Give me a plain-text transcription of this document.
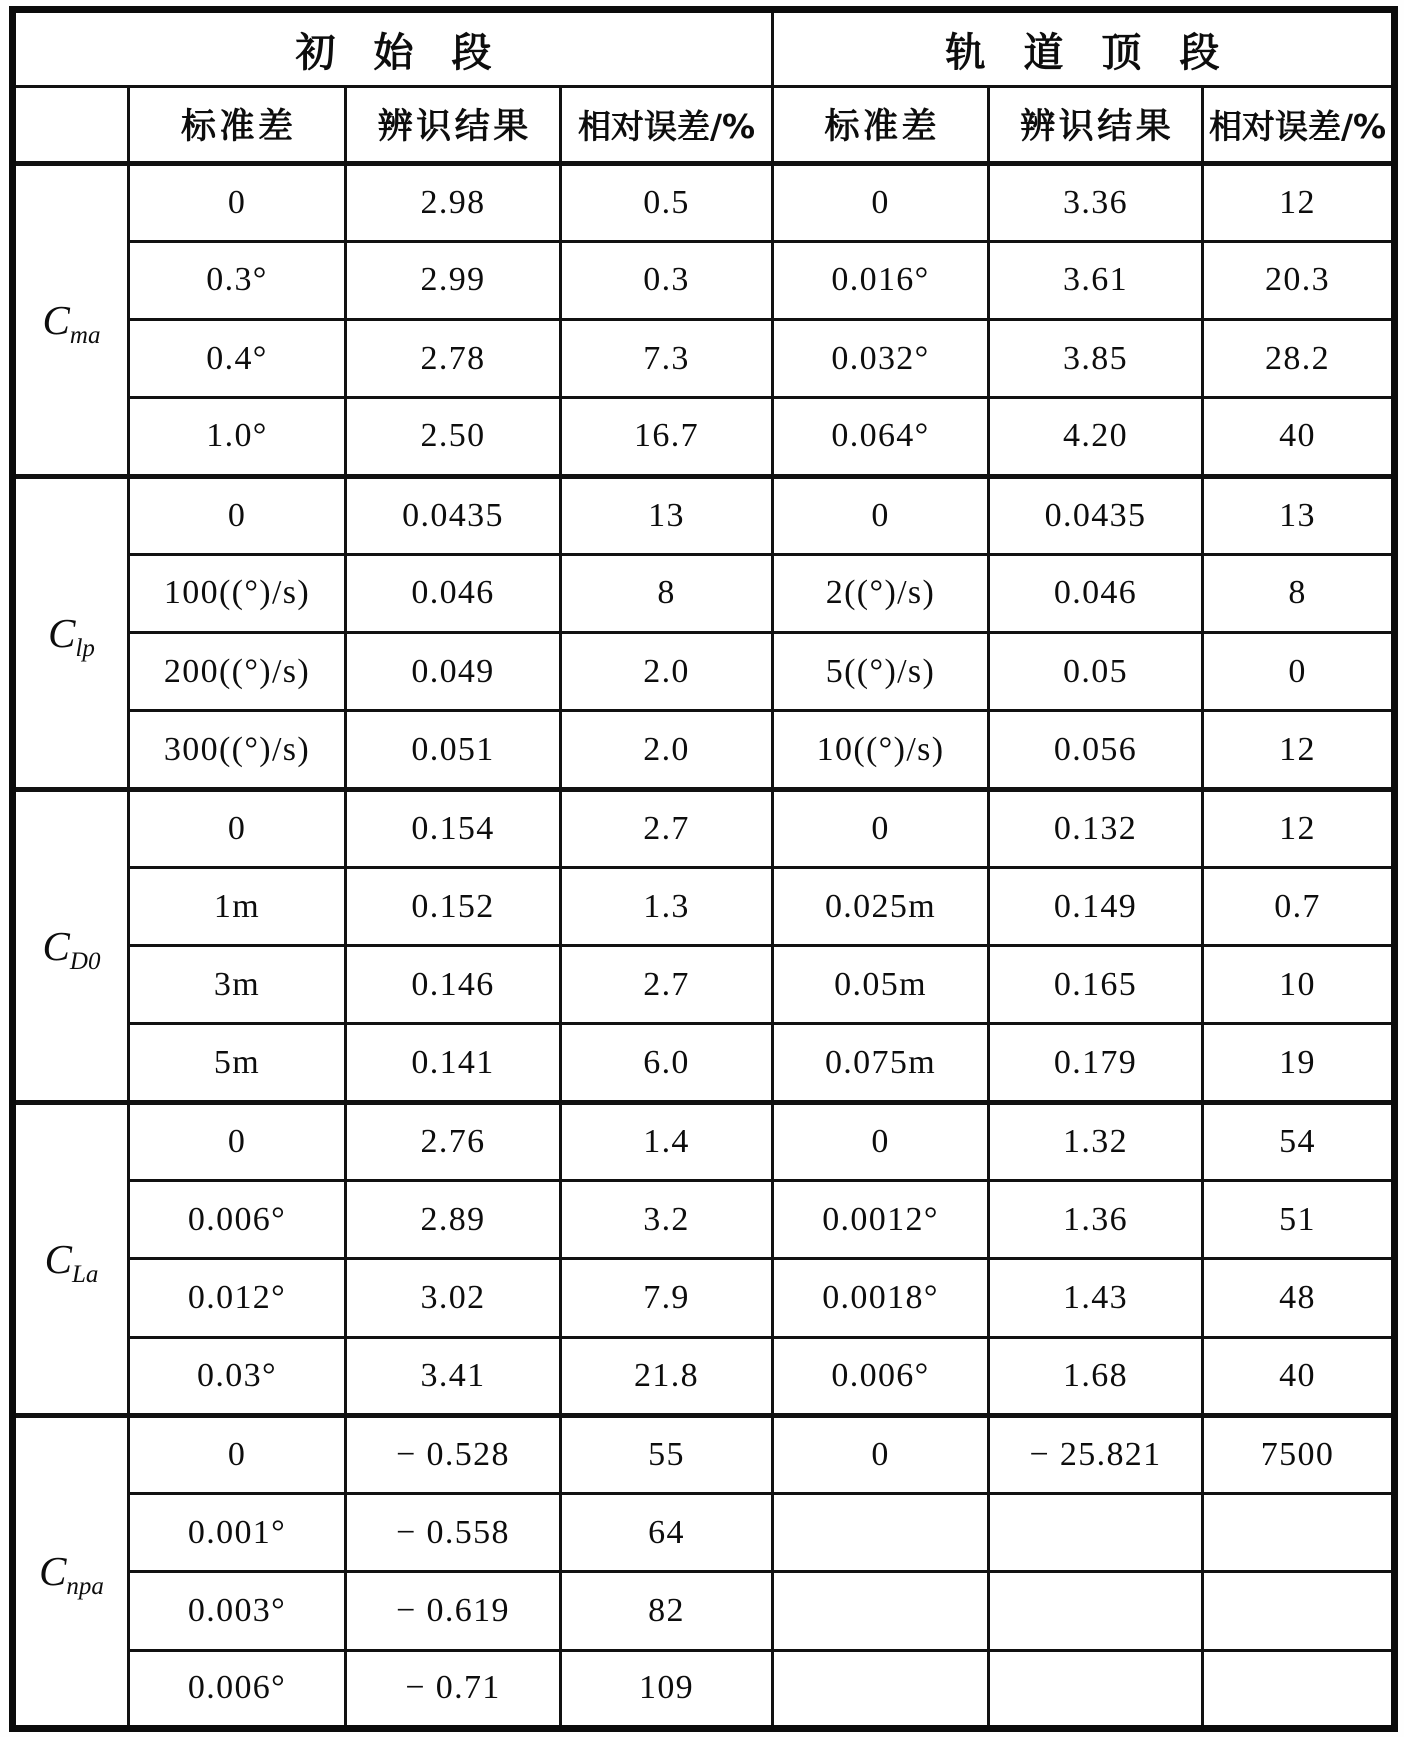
初始段				轨道顶段		
	标准差	辨识结果	相对误差/%	标准差	辨识结果	相对误差/%
$C_{ma}$	0	2.98	0.5	0	3.36	12
	0.3°	2.99	0.3	0.016°	3.61	20.3
	0.4°	2.78	7.3	0.032°	3.85	28.2
	1.0°	2.50	16.7	0.064°	4.20	40
$C_{lp}$	0	0.0435	13	0	0.0435	13
	100((°)/s)	0.046	8	2((°)/s)	0.046	8
	200((°)/s)	0.049	2.0	5((°)/s)	0.05	0
	300((°)/s)	0.051	2.0	10((°)/s)	0.056	12
$C_{D0}$	0	0.154	2.7	0	0.132	12
	1m	0.152	1.3	0.025m	0.149	0.7
	3m	0.146	2.7	0.05m	0.165	10
	5m	0.141	6.0	0.075m	0.179	19
$C_{La}$	0	2.76	1.4	0	1.32	54
	0.006°	2.89	3.2	0.0012°	1.36	51
	0.012°	3.02	7.9	0.0018°	1.43	48
	0.03°	3.41	21.8	0.006°	1.68	40
$C_{npa}$	0	− 0.528	55	0	− 25.821	7500
	0.001°	− 0.558	64			
	0.003°	− 0.619	82			
	0.006°	− 0.71	109			
